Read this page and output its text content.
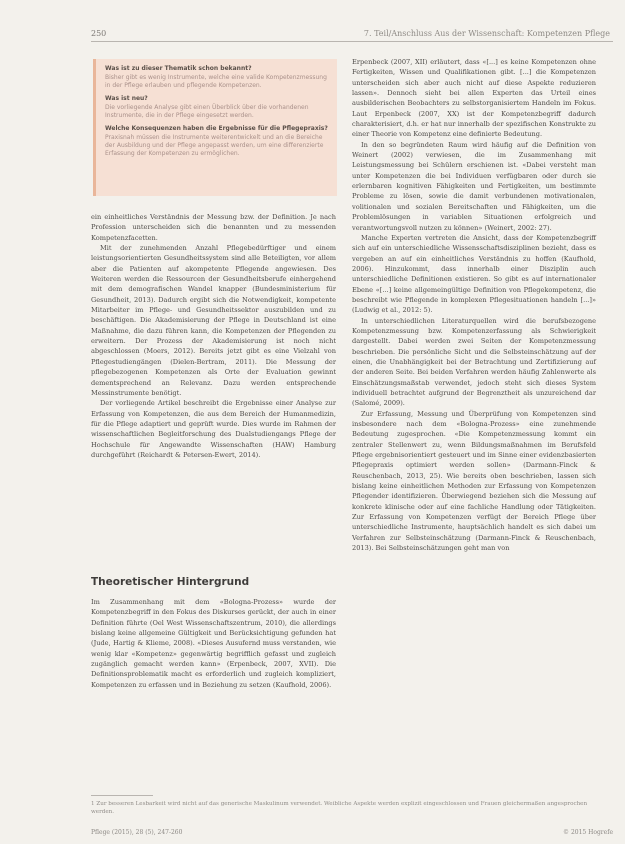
250	7. Teil/Anschluss Aus der Wissenschaft: Kompetenzen Pflege

Was ist zu dieser Thematik schon bekannt?

Bisher gibt es wenig Instrumente, welche eine valide Kompetenzmessung in der Pflege erlauben und pflegende Kompetenzen.

Was ist neu?

Die vorliegende Analyse gibt einen Überblick über die vorhandenen Instrumente, die in der Pflege eingesetzt werden.

Welche Konsequenzen haben die Ergebnisse für die Pflegepraxis?

Praxisnah müssen die Instrumente weiterentwickelt und an die Bereiche der Ausbildung und der Pflege angepasst werden, um eine differenzierte Erfassung der Kompetenzen zu ermöglichen.

ein einheitliches Verständnis der Messung bzw. der Definition. Je nach Profession unterscheiden sich die benannten und zu messenden Kompetenzfacetten.

Mit der zunehmenden Anzahl Pflegebedürftiger und einem leistungsorientierten Gesundheitssystem sind alle Beteiligten, vor allem aber die Patienten auf akompetente Pflegende angewiesen. Des Weiteren werden die Ressourcen der Gesundheitsberufe einhergehend mit dem demografischen Wandel knapper (Bundesministerium für Gesundheit, 2013). Dadurch ergibt sich die Notwendigkeit, kompetente Mitarbeiter im Pflege- und Gesundheitssektor auszubilden und zu beschäftigen. Die Akademisierung der Pflege in Deutschland ist eine Maßnahme, die dazu führen kann, die Kompetenzen der Pflegenden zu erweitern. Der Prozess der Akademisierung ist noch nicht abgeschlossen (Moers, 2012). Bereits jetzt gibt es eine Vielzahl von Pflegestudiengängen (Dielen-Bertram, 2011). Die Messung der pflegebezogenen Kompetenzen als Orte der Evaluation gewinnt dementsprechend an Relevanz. Dazu werden entsprechende Messinstrumente benötigt.

Der vorliegende Artikel beschreibt die Ergebnisse einer Analyse zur Erfassung von Kompetenzen, die aus dem Bereich der Humanmedizin, für die Pflege adaptiert und geprüft wurde. Dies wurde im Rahmen der wissenschaftlichen Begleitforschung des Dualstudiengangs Pflege der Hochschule für Angewandte Wissenschaften (HAW) Hamburg durchgeführt (Reichardt & Petersen-Ewert, 2014).

Theoretischer Hintergrund

Im Zusammenhang mit dem «Bologna-Prozess» wurde der Kompetenzbegriff in den Fokus des Diskurses gerückt, der auch in einer Definition führte (Oel West Wissenschaftszentrum, 2010), die allerdings bislang keine allgemeine Gültigkeit und Berücksichtigung gefunden hat (Jude, Hartig & Klieme, 2008). «Dieses Ausufernd muss verstanden, wie wenig klar «Kompetenz» gegenwärtig begrifflich gefasst und zugleich zugänglich gemacht werden kann» (Erpenbeck, 2007, XVII). Die Definitionsproblematik macht es erforderlich und zugleich kompliziert, Kompetenzen zu erfassen und in Beziehung zu setzen (Kaufhold, 2006).

Erpenbeck (2007, XII) erläutert, dass «[...] es keine Kompetenzen ohne Fertigkeiten, Wissen und Qualifikationen gibt. [...] die Kompetenzen unterscheiden sich aber auch nicht auf diese Aspekte reduzieren lassen». Dennoch sieht bei allen Experten das Urteil eines ausbilderischen Beobachters zu selbstorganisiertem Handeln im Fokus. Laut Erpenbeck (2007, XX) ist der Kompetenzbegriff dadurch charakterisiert, d.h. er hat nur innerhalb der spezifischen Konstrukte zu einer Theorie von Kompetenz eine definierte Bedeutung.

In den so begründeten Raum wird häufig auf die Definition von Weinert (2002) verwiesen, die im Zusammenhang mit Leistungsmessung bei Schülern erschienen ist. «Dabei versteht man unter Kompetenzen die bei Individuen verfügbaren oder durch sie erlernbaren kognitiven Fähigkeiten und Fertigkeiten, um bestimmte Probleme zu lösen, sowie die damit verbundenen motivationalen, volitionalen und sozialen Bereitschaften und Fähigkeiten, um die Problemlösungen in variablen Situationen erfolgreich und verantwortungsvoll nutzen zu können» (Weinert, 2002: 27).

Manche Experten vertreten die Ansicht, dass der Kompetenzbegriff sich auf ein unterschiedliche Wissensschaftsdisziplinen bezieht, dass es vergeben an auf ein einheitliches Verständnis zu hoffen (Kaufhold, 2006). Hinzukommt, dass innerhalb einer Disziplin auch unterschiedliche Definitionen existieren. So gibt es auf internationaler Ebene «[...] keine allgemeingültige Definition von Pflegekompetenz, die beschreibt wie Pflegende in komplexen Pflegesituationen handeln [...]» (Ludwig et al., 2012: 5).

In unterschiedlichen Literaturquellen wird die berufsbezogene Kompetenzmessung bzw. Kompetenzerfassung als Schwierigkeit dargestellt. Dabei werden zwei Seiten der Kompetenzmessung beschrieben. Die persönliche Sicht und die Selbsteinschätzung auf der einen, die Unabhängigkeit bei der Betrachtung und Zertifizierung auf der anderen Seite. Bei beiden Verfahren werden häufig Zahlenwerte als Einschätzungsmaßstab verwendet, jedoch steht sich dieses System individuell betrachtet aufgrund der Begrenztheit als unzureichend dar (Salomé, 2009).

Zur Erfassung, Messung und Überprüfung von Kompetenzen sind insbesondere nach dem «Bologna-Prozess» eine zunehmende Bedeutung zugesprochen. «Die Kompetenzmessung kommt ein zentraler Stellenwert zu, wenn Bildungsmaßnahmen im Berufsfeld Pflege ergebnisorientiert gesteuert und im Sinne einer evidenzbasierten Pflegepraxis optimiert werden sollen» (Darmann-Finck & Reuschenbach, 2013, 25). Wie bereits oben beschrieben, lassen sich bislang keine einheitlichen Methoden zur Erfassung von Kompetenzen Pflegender identifizieren. Überwiegend beziehen sich die Messung auf konkrete klinische oder auf eine fachliche Handlung oder Tätigkeiten. Zur Erfassung von Kompetenzen verfügt der Bereich Pflege über unterschiedliche Instrumente, hauptsächlich handelt es sich dabei um Verfahren zur Selbsteinschätzung (Darmann-Finck & Reuschenbach, 2013). Bei Selbsteinschätzungen geht man von

1 Zur besseren Lesbarkeit wird nicht auf das generische Maskulinum verwendet. Weibliche Aspekte werden explizit eingeschlossen und Frauen gleichermaßen angesprochen werden.
Pflege (2015), 28 (5), 247-260	© 2015 Hogrefe
